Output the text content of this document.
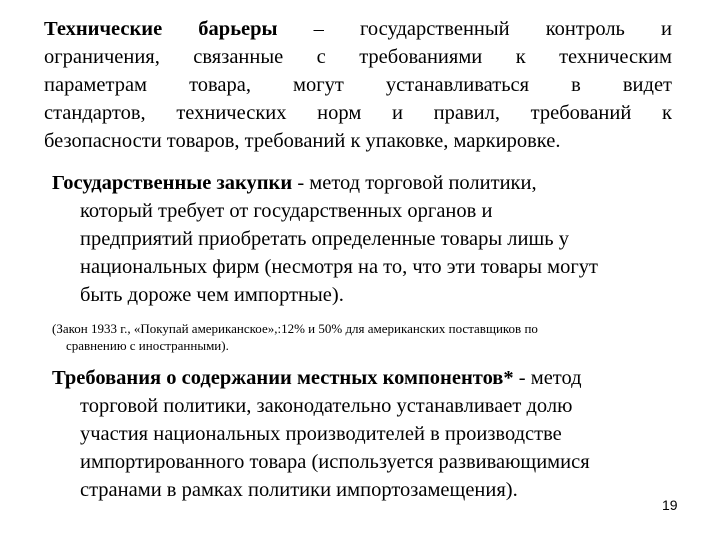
Технические барьеры – государственный контроль и
ограничения, связанные с требованиями к техническим
параметрам товара, могут устанавливаться в видет
стандартов, технических норм и правил, требований к
безопасности товаров, требований к упаковке, маркировке.
Государственные закупки - метод торговой политики,
который требует от государственных органов и
предприятий приобретать определенные товары лишь у
национальных фирм (несмотря на то, что эти товары могут
быть дороже чем импортные).
(Закон 1933 г., «Покупай американское»,:12% и 50% для американских поставщиков по
сравнению с иностранными).
Требования о содержании местных компонентов* - метод
торговой политики, законодательно устанавливает долю
участия национальных производителей в производстве
импортированного товара (используется развивающимися
странами в рамках политики импортозамещения).
19
